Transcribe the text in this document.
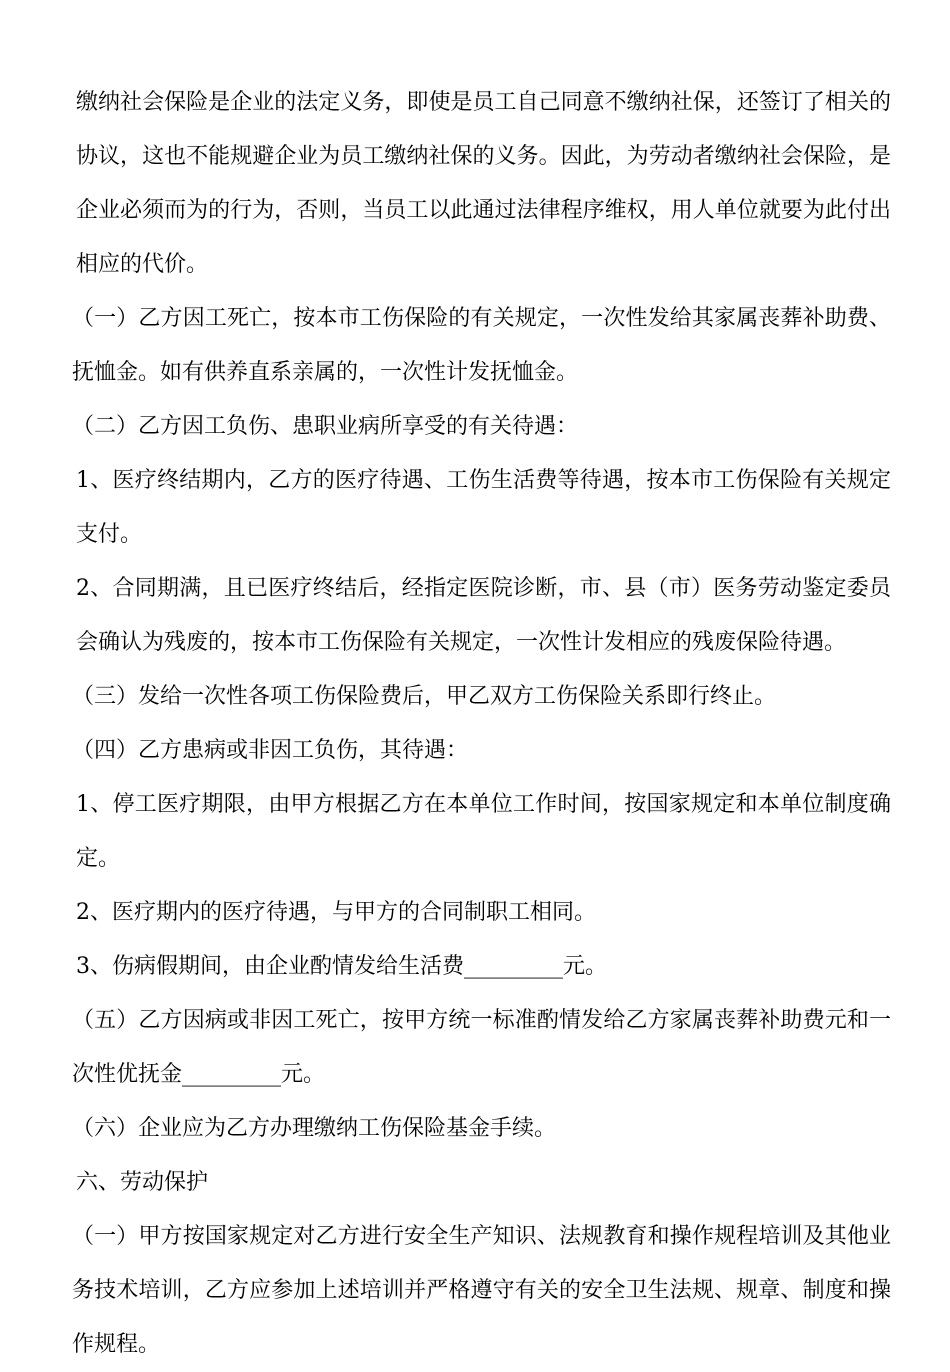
缴纳社会保险是企业的法定义务，即使是员工自己同意不缴纳社保，还签订了相关的协议，这也不能规避企业为员工缴纳社保的义务。因此，为劳动者缴纳社会保险，是企业必须而为的行为，否则，当员工以此通过法律程序维权，用人单位就要为此付出相应的代价。

（一）乙方因工死亡，按本市工伤保险的有关规定，一次性发给其家属丧葬补助费、抚恤金。如有供养直系亲属的，一次性计发抚恤金。

（二）乙方因工负伤、患职业病所享受的有关待遇：

1、医疗终结期内，乙方的医疗待遇、工伤生活费等待遇，按本市工伤保险有关规定支付。

2、合同期满，且已医疗终结后，经指定医院诊断，市、县（市）医务劳动鉴定委员会确认为残废的，按本市工伤保险有关规定，一次性计发相应的残废保险待遇。

（三）发给一次性各项工伤保险费后，甲乙双方工伤保险关系即行终止。

（四）乙方患病或非因工负伤，其待遇：

1、停工医疗期限，由甲方根据乙方在本单位工作时间，按国家规定和本单位制度确定。

2、医疗期内的医疗待遇，与甲方的合同制职工相同。

3、伤病假期间，由企业酌情发给生活费_________元。

（五）乙方因病或非因工死亡，按甲方统一标准酌情发给乙方家属丧葬补助费元和一次性优抚金_________元。

（六）企业应为乙方办理缴纳工伤保险基金手续。

六、劳动保护

（一）甲方按国家规定对乙方进行安全生产知识、法规教育和操作规程培训及其他业务技术培训，乙方应参加上述培训并严格遵守有关的安全卫生法规、规章、制度和操作规程。
